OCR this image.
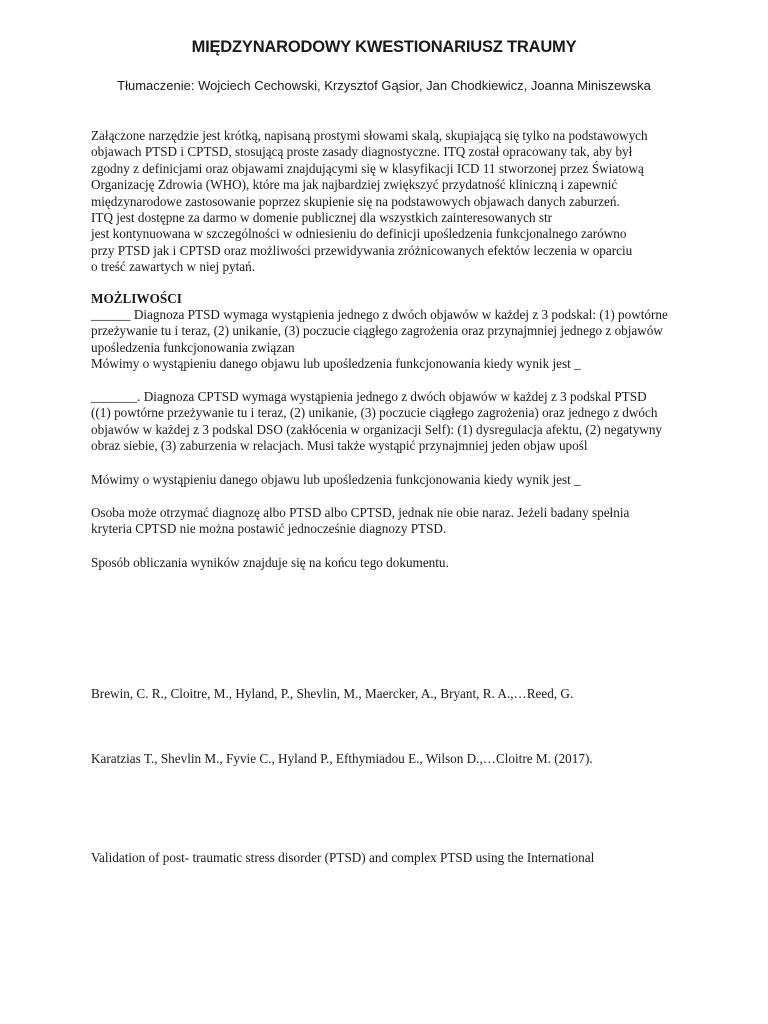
MIĘDZYNARODOWY KWESTIONARIUSZ TRAUMY
Tłumaczenie: Wojciech Cechowski, Krzysztof Gąsior, Jan Chodkiewicz, Joanna Miniszewska
Załączone narzędzie jest krótką, napisaną prostymi słowami skalą, skupiającą się tylko na podstawowych
objawach PTSD i CPTSD, stosującą proste zasady diagnostyczne. ITQ został opracowany tak, aby był
zgodny z definicjami oraz objawami znajdującymi się w klasyfikacji ICD 11 stworzonej przez Światową
Organizację Zdrowia (WHO), które ma jak najbardziej zwiększyć przydatność kliniczną i zapewnić
międzynarodowe zastosowanie poprzez skupienie się na podstawowych objawach danych zaburzeń.
ITQ jest dostępne za darmo w domenie publicznej dla wszystkich zainteresowanych str
jest kontynuowana w szczególności w odniesieniu do definicji upośledzenia funkcjonalnego zarówno
przy PTSD jak i CPTSD oraz możliwości przewidywania zróżnicowanych efektów leczenia w oparciu
o treść zawartych w niej pytań.
MOŻLIWOŚCI
______ Diagnoza PTSD wymaga wystąpienia jednego z dwóch objawów w każdej z 3 podskal: (1) powtórne
przeżywanie tu i teraz, (2) unikanie, (3) poczucie ciągłego zagrożenia oraz przynajmniej jednego z objawów
upośledzenia funkcjonowania związan
Mówimy o wystąpieniu danego objawu lub upośledzenia funkcjonowania kiedy wynik jest _
_______. Diagnoza CPTSD wymaga wystąpienia jednego z dwóch objawów w każdej z 3 podskal PTSD
((1) powtórne przeżywanie tu i teraz, (2) unikanie, (3) poczucie ciągłego zagrożenia) oraz jednego z dwóch
objawów w każdej z 3 podskal DSO (zakłócenia w organizacji Self): (1) dysregulacja afektu, (2) negatywny
obraz siebie, (3) zaburzenia w relacjach. Musi także wystąpić przynajmniej jeden objaw upośl
Mówimy o wystąpieniu danego objawu lub upośledzenia funkcjonowania kiedy wynik jest _
Osoba może otrzymać diagnozę albo PTSD albo CPTSD, jednak nie obie naraz. Jeżeli badany spełnia
kryteria CPTSD nie można postawić jednocześnie diagnozy PTSD.
Sposób obliczania wyników znajduje się na końcu tego dokumentu.
Brewin, C. R., Cloitre, M., Hyland, P., Shevlin, M., Maercker, A., Bryant, R. A.,…Reed, G.
Karatzias T., Shevlin M., Fyvie C., Hyland P., Efthymiadou E., Wilson D.,…Cloitre M. (2017).
Validation of post- traumatic stress disorder (PTSD) and complex PTSD using the International
